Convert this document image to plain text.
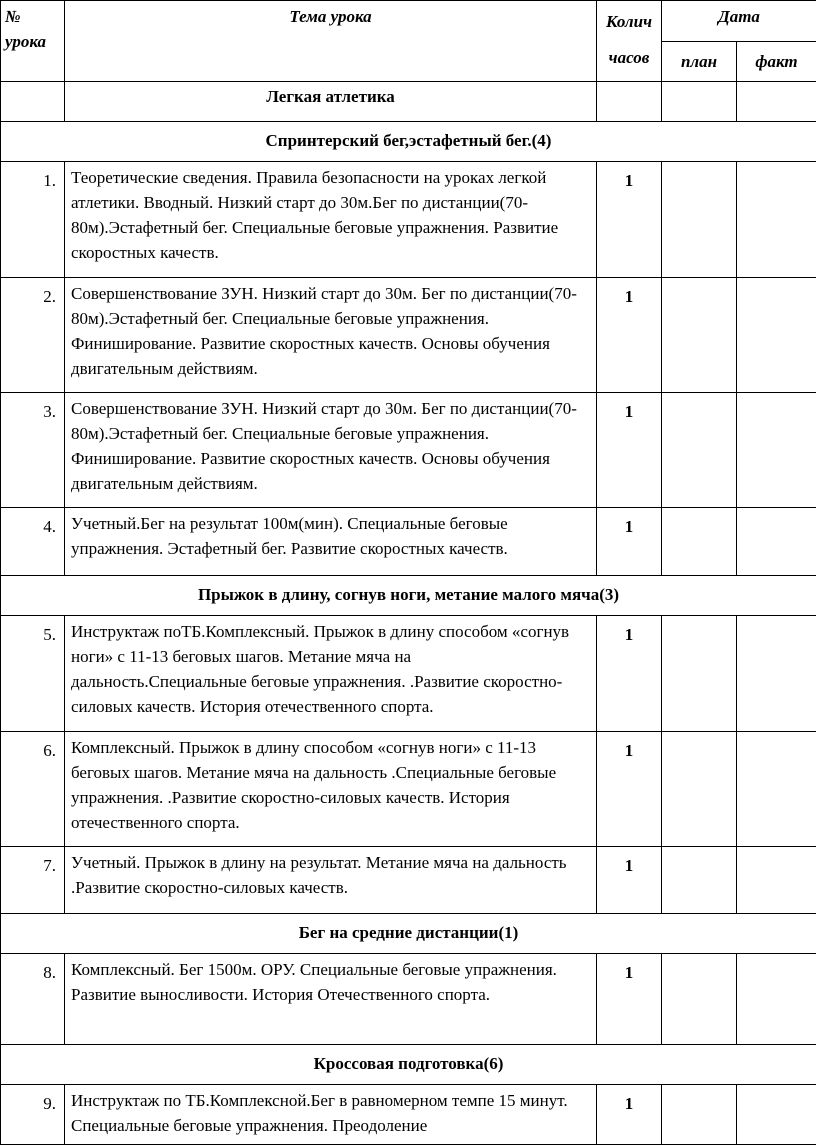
№ урока	Тема урока	Колич часов	Дата	
			план	факт
	Легкая атлетика			
Спринтерский бег,эстафетный бег.(4)				
1.	Теоретические сведения. Правила безопасности на уроках легкой атлетики. Вводный. Низкий старт до 30м.Бег по дистанции(70-80м).Эстафетный бег. Специальные беговые упражнения. Развитие скоростных качеств.	1		
2.	Совершенствование ЗУН. Низкий старт до 30м. Бег по дистанции(70-80м).Эстафетный бег. Специальные беговые упражнения. Финиширование. Развитие скоростных качеств. Основы обучения двигательным действиям.	1		
3.	Совершенствование ЗУН. Низкий старт до 30м. Бег по дистанции(70-80м).Эстафетный бег. Специальные беговые упражнения. Финиширование. Развитие скоростных качеств. Основы обучения двигательным действиям.	1		
4.	Учетный.Бег на результат 100м(мин). Специальные беговые упражнения. Эстафетный бег. Развитие скоростных качеств.	1		
Прыжок в длину, согнув ноги, метание малого мяча(3)				
5.	Инструктаж поТБ.Комплексный. Прыжок в длину способом «согнув ноги» с 11-13 беговых шагов. Метание мяча на дальность.Специальные беговые упражнения. .Развитие скоростно-силовых качеств. История отечественного спорта.	1		
6.	Комплексный. Прыжок в длину способом «согнув ноги» с 11-13 беговых шагов. Метание мяча на дальность .Специальные беговые упражнения. .Развитие скоростно-силовых качеств. История отечественного спорта.	1		
7.	Учетный. Прыжок в длину на результат. Метание мяча на дальность .Развитие скоростно-силовых качеств.	1		
Бег на средние дистанции(1)				
8.	Комплексный. Бег 1500м. ОРУ. Специальные беговые упражнения. Развитие выносливости. История Отечественного спорта.	1		
Кроссовая подготовка(6)				
9.	Инструктаж по ТБ.Комплексной.Бег в равномерном темпе 15 минут. Специальные беговые упражнения. Преодоление	1		
